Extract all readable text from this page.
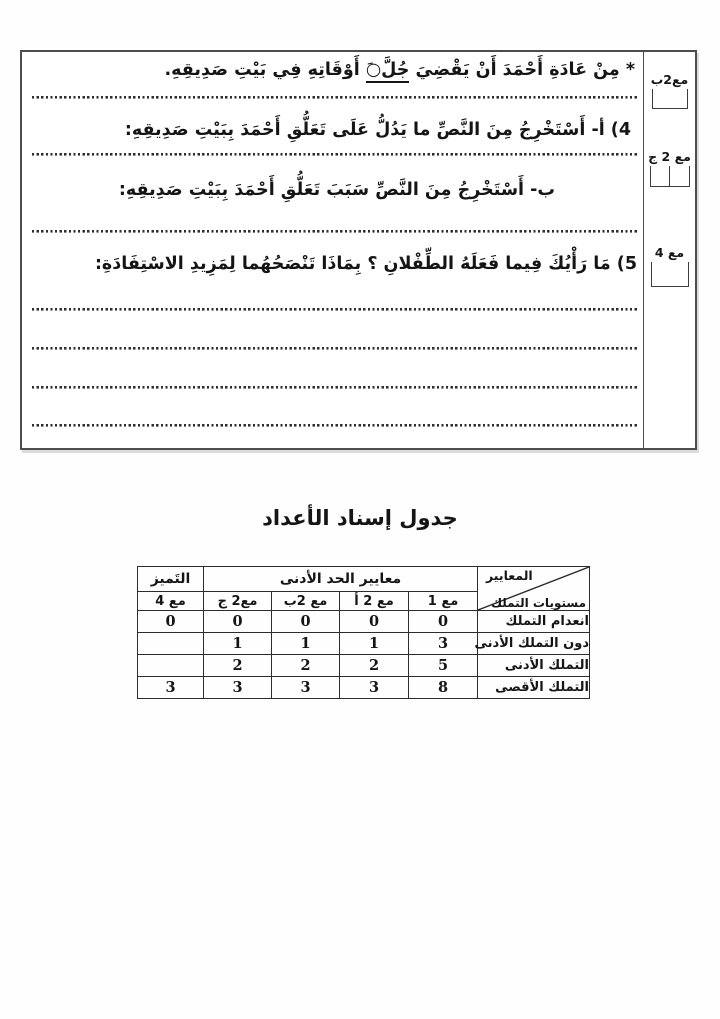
* مِنْ عَادَةِ أَحْمَدَ أَنْ يَقْضِيَ جُلَّ○َ أَوْقَاتِهِ فِي بَيْتِ صَدِيقِهِ.
4) أ- أَسْتَخْرِجُ مِنَ النَّصِّ ما يَدُلُّ عَلَى تَعَلُّقِ أَحْمَدَ بِبَيْتِ صَدِيقِهِ:
ب- أَسْتَخْرِجُ مِنَ النَّصِّ سَبَبَ تَعَلُّقِ أَحْمَدَ بِبَيْتِ صَدِيقِهِ:
5) مَا رَأْيُكَ فِيما فَعَلَهُ الطِّفْلانِ ؟ بِمَاذَا تَنْصَحُهُما لِمَزِيدِ الاسْتِفَادَةِ:
مع2ب
مع 2 ج
مع 4
جدول إسناد الأعداد
المعايير
مستويات التملك	معايير الحد الأدنى				التَميز
	مع 1	مع 2 أ	مع 2ب	مع2 ج	مع 4
انعدام التملك	0	0	0	0	0
دون التملك الأدنى	3	1	1	1	
التملك الأدنى	5	2	2	2	
التملك الأقصى	8	3	3	3	3
